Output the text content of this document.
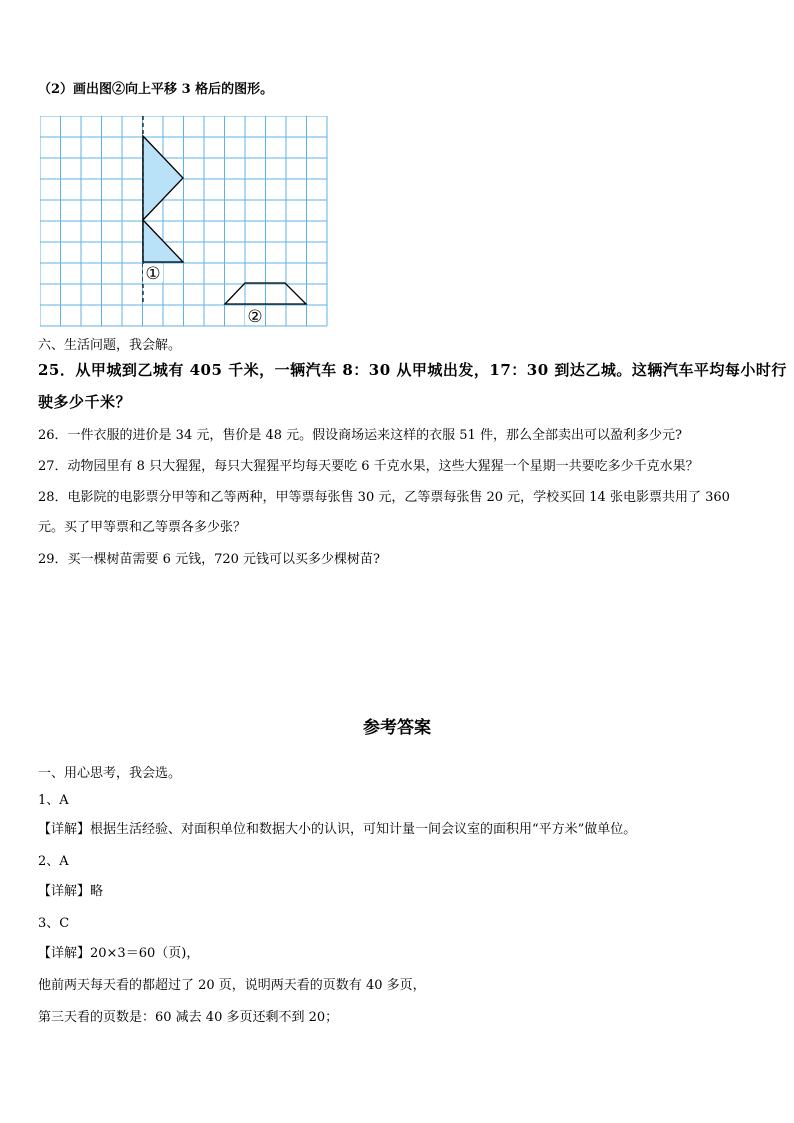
（2）画出图②向上平移 3 格后的图形。
①
②
六、生活问题，我会解。
25．从甲城到乙城有 405 千米，一辆汽车 8：30 从甲城出发，17：30 到达乙城。这辆汽车平均每小时行
驶多少千米？
26．一件衣服的进价是 34 元，售价是 48 元。假设商场运来这样的衣服 51 件，那么全部卖出可以盈利多少元?
27．动物园里有 8 只大猩猩，每只大猩猩平均每天要吃 6 千克水果，这些大猩猩一个星期一共要吃多少千克水果？
28．电影院的电影票分甲等和乙等两种，甲等票每张售 30 元，乙等票每张售 20 元，学校买回 14 张电影票共用了 360
元。买了甲等票和乙等票各多少张？
29．买一棵树苗需要 6 元钱，720 元钱可以买多少棵树苗?
参考答案
一、用心思考，我会选。
1、A
【详解】根据生活经验、对面积单位和数据大小的认识，可知计量一间会议室的面积用“平方米”做单位。
2、A
【详解】略
3、C
【详解】20×3＝60（页)，
他前两天每天看的都超过了 20 页，说明两天看的页数有 40 多页，
第三天看的页数是：60 减去 40 多页还剩不到 20；
